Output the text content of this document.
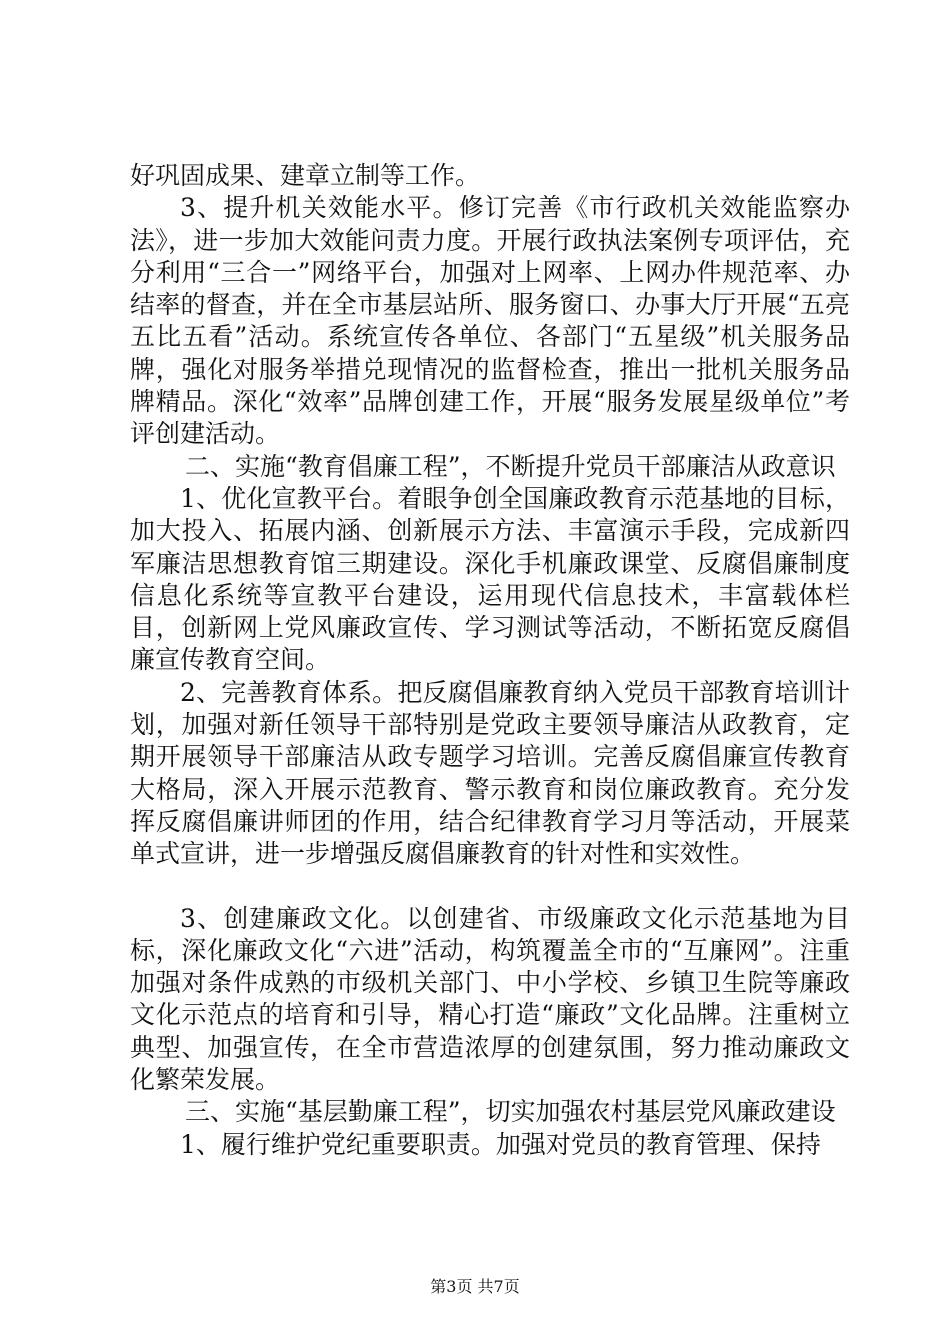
好巩固成果、建章立制等工作。

3、提升机关效能水平。修订完善《市行政机关效能监察办法》，进一步加大效能问责力度。开展行政执法案例专项评估，充分利用“三合一”网络平台，加强对上网率、上网办件规范率、办结率的督查，并在全市基层站所、服务窗口、办事大厅开展“五亮五比五看”活动。系统宣传各单位、各部门“五星级”机关服务品牌，强化对服务举措兑现情况的监督检查，推出一批机关服务品牌精品。深化“效率”品牌创建工作，开展“服务发展星级单位”考评创建活动。

二、实施“教育倡廉工程”，不断提升党员干部廉洁从政意识

1、优化宣教平台。着眼争创全国廉政教育示范基地的目标，加大投入、拓展内涵、创新展示方法、丰富演示手段，完成新四军廉洁思想教育馆三期建设。深化手机廉政课堂、反腐倡廉制度信息化系统等宣教平台建设，运用现代信息技术，丰富载体栏目，创新网上党风廉政宣传、学习测试等活动，不断拓宽反腐倡廉宣传教育空间。

2、完善教育体系。把反腐倡廉教育纳入党员干部教育培训计划，加强对新任领导干部特别是党政主要领导廉洁从政教育，定期开展领导干部廉洁从政专题学习培训。完善反腐倡廉宣传教育大格局，深入开展示范教育、警示教育和岗位廉政教育。充分发挥反腐倡廉讲师团的作用，结合纪律教育学习月等活动，开展菜单式宣讲，进一步增强反腐倡廉教育的针对性和实效性。

3、创建廉政文化。以创建省、市级廉政文化示范基地为目标，深化廉政文化“六进”活动，构筑覆盖全市的“互廉网”。注重加强对条件成熟的市级机关部门、中小学校、乡镇卫生院等廉政文化示范点的培育和引导，精心打造“廉政”文化品牌。注重树立典型、加强宣传，在全市营造浓厚的创建氛围，努力推动廉政文化繁荣发展。

三、实施“基层勤廉工程”，切实加强农村基层党风廉政建设

1、履行维护党纪重要职责。加强对党员的教育管理、保持

第3页 共7页
